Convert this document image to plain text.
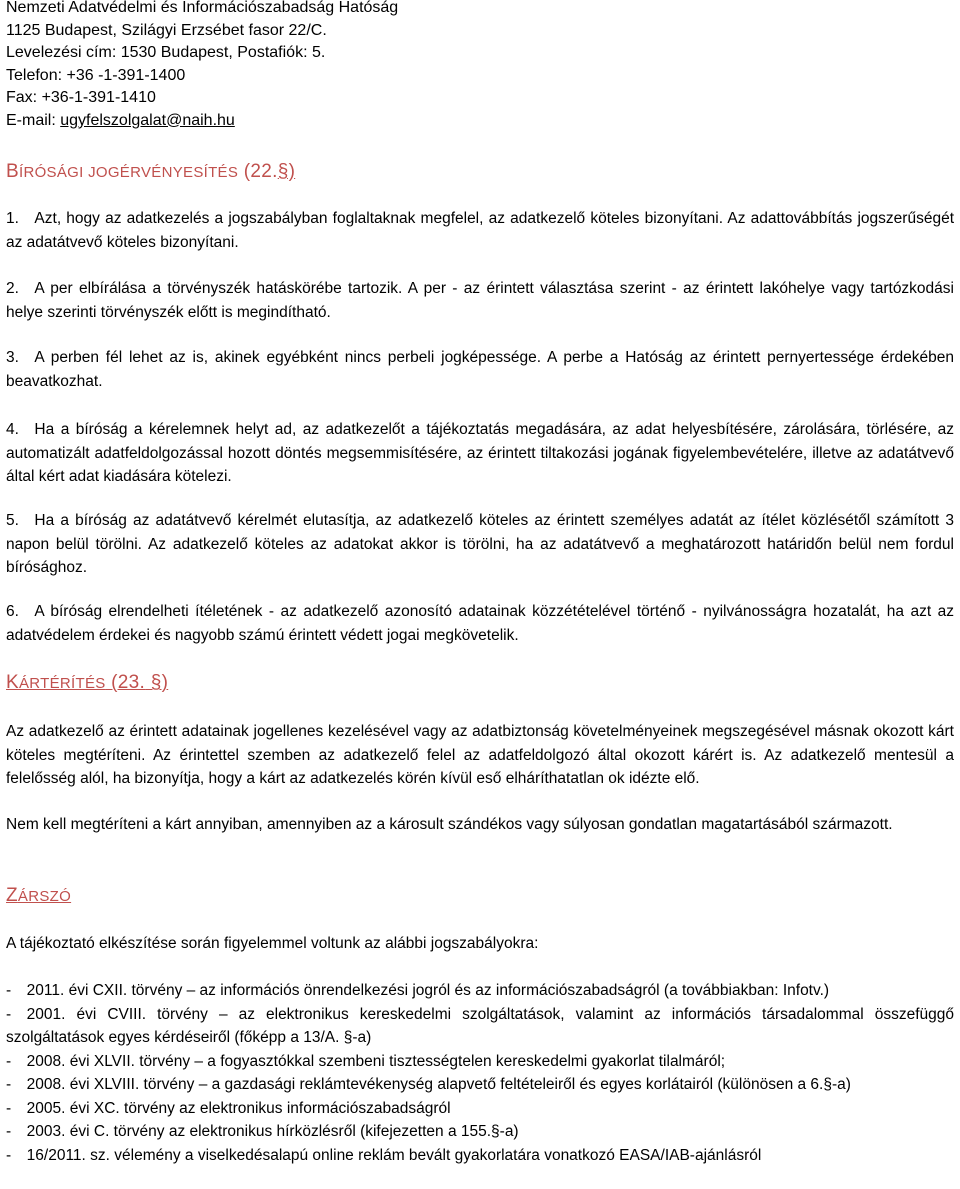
Nemzeti Adatvédelmi és Információszabadság Hatóság
1125 Budapest, Szilágyi Erzsébet fasor 22/C.
Levelezési cím: 1530 Budapest, Postafiók: 5.
Telefon: +36 -1-391-1400
Fax: +36-1-391-1410
E-mail: ugyfelszolgalat@naih.hu
BÍRÓSÁGI JOGÉRVÉNYESÍTÉS (22.§)

1. Azt, hogy az adatkezelés a jogszabályban foglaltaknak megfelel, az adatkezelő köteles bizonyítani. Az adattovábbítás jogszerűségét az adatátvevő köteles bizonyítani.

2. A per elbírálása a törvényszék hatáskörébe tartozik. A per - az érintett választása szerint - az érintett lakóhelye vagy tartózkodási helye szerinti törvényszék előtt is megindítható.

3. A perben fél lehet az is, akinek egyébként nincs perbeli jogképessége. A perbe a Hatóság az érintett pernyertessége érdekében beavatkozhat.

4. Ha a bíróság a kérelemnek helyt ad, az adatkezelőt a tájékoztatás megadására, az adat helyesbítésére, zárolására, törlésére, az automatizált adatfeldolgozással hozott döntés megsemmisítésére, az érintett tiltakozási jogának figyelembevételére, illetve az adatátvevő által kért adat kiadására kötelezi.

5. Ha a bíróság az adatátvevő kérelmét elutasítja, az adatkezelő köteles az érintett személyes adatát az ítélet közlésétől számított 3 napon belül törölni. Az adatkezelő köteles az adatokat akkor is törölni, ha az adatátvevő a meghatározott határidőn belül nem fordul bírósághoz.

6. A bíróság elrendelheti ítéletének - az adatkezelő azonosító adatainak közzétételével történő - nyilvánosságra hozatalát, ha azt az adatvédelem érdekei és nagyobb számú érintett védett jogai megkövetelik.

KÁRTÉRÍTÉS (23. §)

Az adatkezelő az érintett adatainak jogellenes kezelésével vagy az adatbiztonság követelményeinek megszegésével másnak okozott kárt köteles megtéríteni. Az érintettel szemben az adatkezelő felel az adatfeldolgozó által okozott kárért is. Az adatkezelő mentesül a felelősség alól, ha bizonyítja, hogy a kárt az adatkezelés körén kívül eső elháríthatatlan ok idézte elő.

Nem kell megtéríteni a kárt annyiban, amennyiben az a károsult szándékos vagy súlyosan gondatlan magatartásából származott.

ZÁRSZÓ

A tájékoztató elkészítése során figyelemmel voltunk az alábbi jogszabályokra:

- 2011. évi CXII. törvény – az információs önrendelkezési jogról és az információszabadságról (a továbbiakban: Infotv.)
- 2001. évi CVIII. törvény – az elektronikus kereskedelmi szolgáltatások, valamint az információs társadalommal összefüggő szolgáltatások egyes kérdéseiről (főképp a 13/A. §-a)
- 2008. évi XLVII. törvény – a fogyasztókkal szembeni tisztességtelen kereskedelmi gyakorlat tilalmáról;
- 2008. évi XLVIII. törvény – a gazdasági reklámtevékenység alapvető feltételeiről és egyes korlátairól (különösen a 6.§-a)
- 2005. évi XC. törvény az elektronikus információszabadságról
- 2003. évi C. törvény az elektronikus hírközlésről (kifejezetten a 155.§-a)
- 16/2011. sz. vélemény a viselkedésalapú online reklám bevált gyakorlatára vonatkozó EASA/IAB-ajánlásról
